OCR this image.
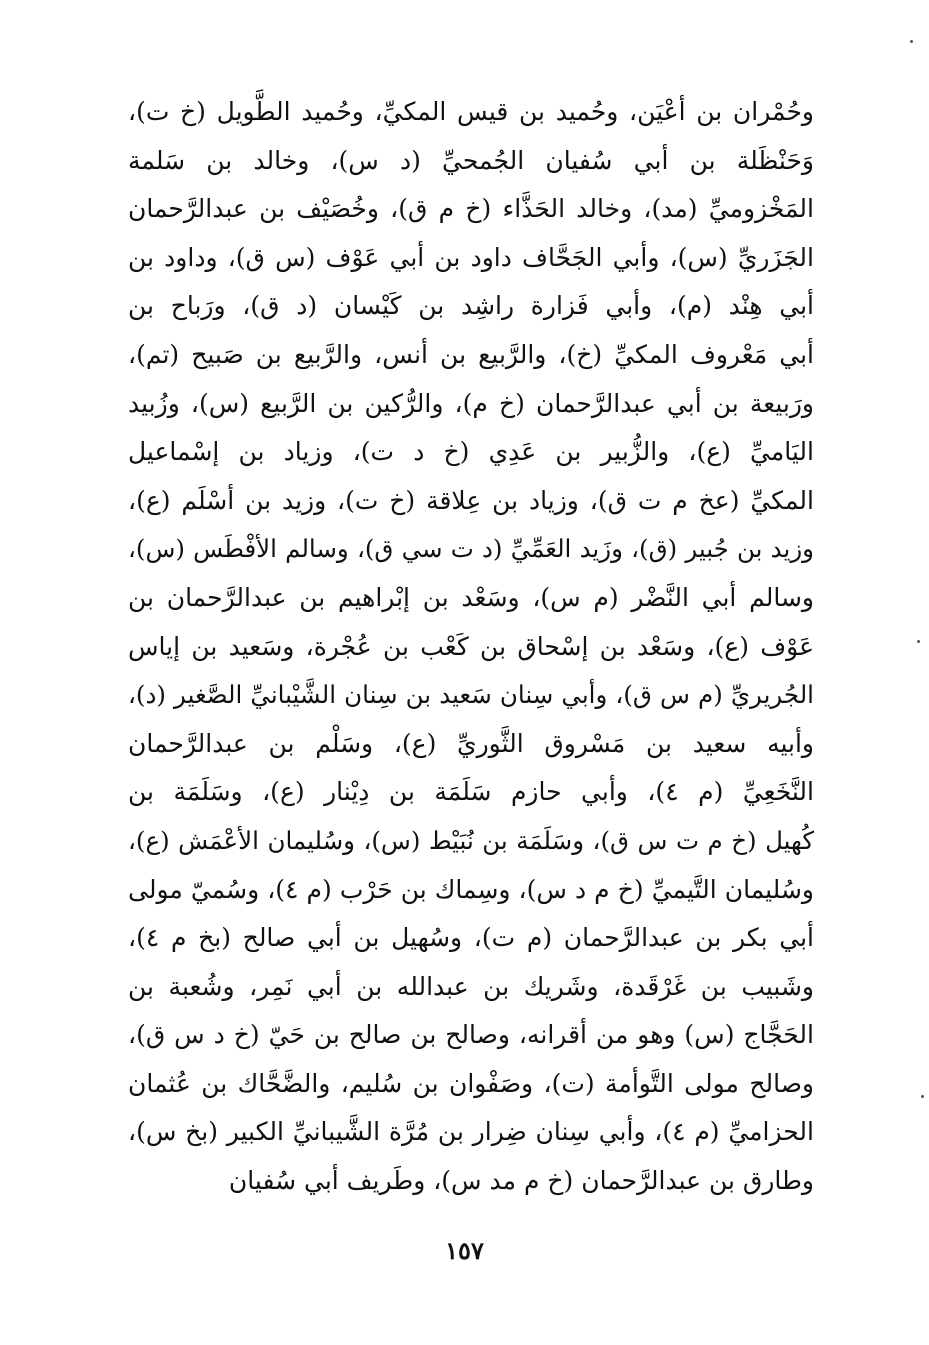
وحُمْران بن أعْيَن، وحُميد بن قيس المكيِّ، وحُميد الطَّويل (خ ت)،
وَحَنْظَلة بن أبي سُفيان الجُمحيِّ (د س)، وخالد بن سَلمة
المَخْزوميِّ (مد)، وخالد الحَذَّاء (خ م ق)، وخُصَيْف بن عبدالرَّحمان
الجَزَريِّ (س)، وأبي الجَحَّاف داود بن أبي عَوْف (س ق)، وداود بن
أبي هِنْد (م)، وأبي فَزارة راشِد بن كَيْسان (د ق)، ورَباح بن
أبي مَعْروف المكيِّ (خ)، والرَّبيع بن أنس، والرَّبيع بن صَبيح (تم)،
ورَبيعة بن أبي عبدالرَّحمان (خ م)، والرُّكين بن الرَّبيع (س)، وزُبيد
اليَاميِّ (ع)، والزُّبير بن عَدِي (خ د ت)، وزياد بن إسْماعيل
المكيِّ (عخ م ت ق)، وزياد بن عِلاقة (خ ت)، وزيد بن أسْلَم (ع)،
وزيد بن جُبير (ق)، وزَيد العَمِّيِّ (د ت سي ق)، وسالم الأفْطَس (س)،
وسالم أبي النَّضْر (م س)، وسَعْد بن إبْراهيم بن عبدالرَّحمان بن
عَوْف (ع)، وسَعْد بن إسْحاق بن كَعْب بن عُجْرة، وسَعيد بن إياس
الجُريريِّ (م س ق)، وأبي سِنان سَعيد بن سِنان الشَّيْبانيِّ الصَّغير (د)،
وأبيه سعيد بن مَسْروق الثَّوريِّ (ع)، وسَلْم بن عبدالرَّحمان
النَّخَعِيِّ (م ٤)، وأبي حازم سَلَمَة بن دِيْنار (ع)، وسَلَمَة بن
كُهيل (خ م ت س ق)، وسَلَمَة بن نُبَيْط (س)، وسُليمان الأعْمَش (ع)،
وسُليمان التَّيميِّ (خ م د س)، وسِماك بن حَرْب (م ٤)، وسُميّ مولى
أبي بكر بن عبدالرَّحمان (م ت)، وسُهيل بن أبي صالح (بخ م ٤)،
وشَبيب بن غَرْقَدة، وشَريك بن عبدالله بن أبي نَمِر، وشُعبة بن
الحَجَّاج (س) وهو من أقرانه، وصالح بن صالح بن حَيّ (خ د س ق)،
وصالح مولى التَّوأمة (ت)، وصَفْوان بن سُليم، والضَّحَّاك بن عُثمان
الحزاميِّ (م ٤)، وأبي سِنان ضِرار بن مُرَّة الشَّيبانيِّ الكبير (بخ س)،
وطارق بن عبدالرَّحمان (خ م مد س)، وطَريف أبي سُفيان
١٥٧
